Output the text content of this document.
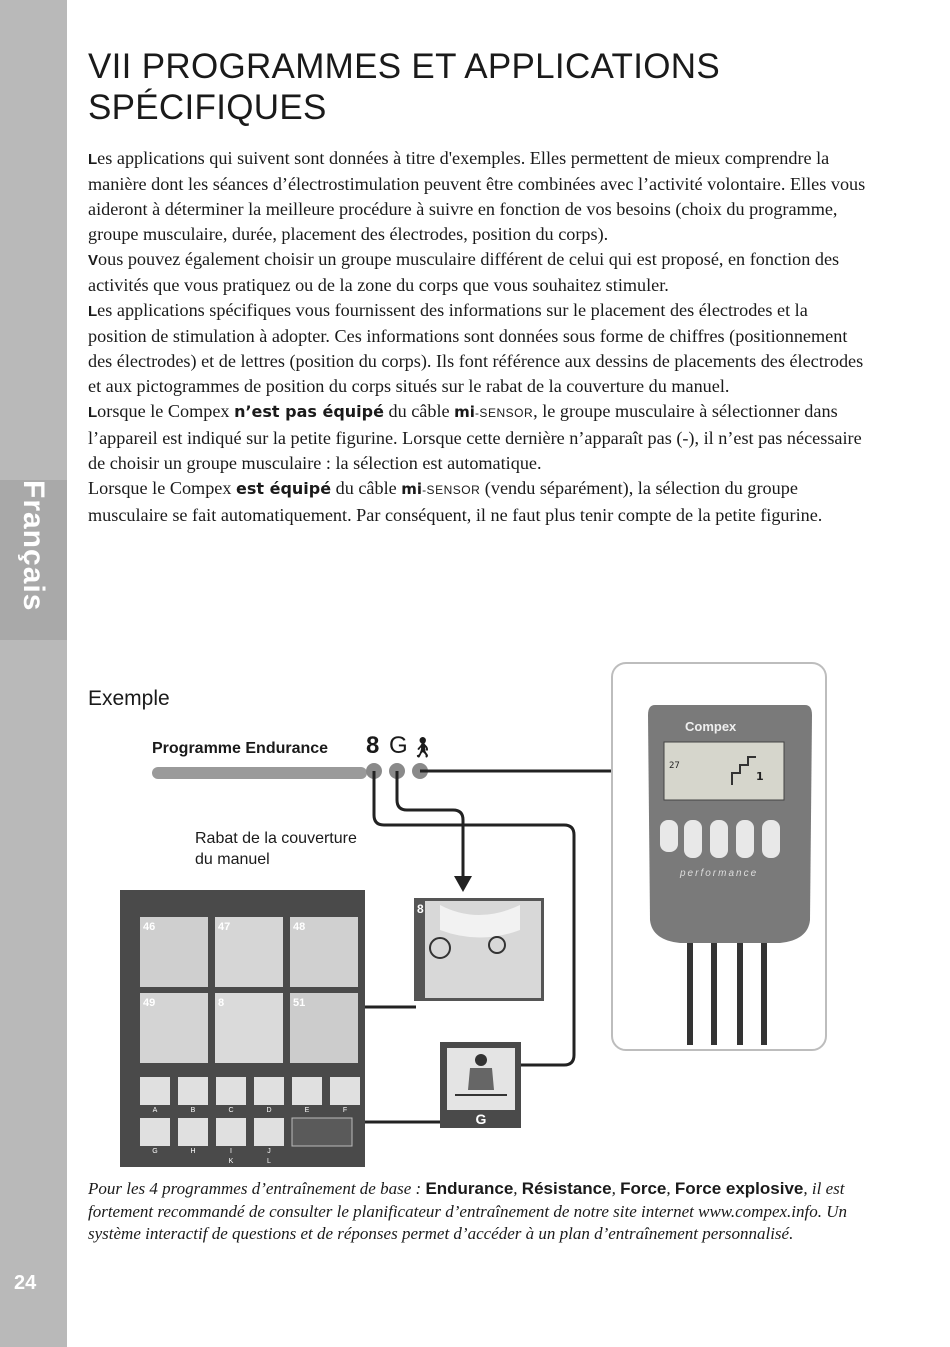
Français
24
VII PROGRAMMES ET APPLICATIONS
SPÉCIFIQUES

Les applications qui suivent sont données à titre d'exemples. Elles permettent de mieux comprendre la manière dont les séances d’électrostimulation peuvent être combinées avec l’activité volontaire. Elles vous aideront à déterminer la meilleure procédure à suivre en fonction de vos besoins (choix du programme, groupe musculaire, durée, placement des électrodes, position du corps).

Vous pouvez également choisir un groupe musculaire différent de celui qui est proposé, en fonction des activités que vous pratiquez ou de la zone du corps que vous souhaitez stimuler.

Les applications spécifiques vous fournissent des informations sur le placement des électrodes et la position de stimulation à adopter. Ces informations sont données sous forme de chiffres (positionnement des électrodes) et de lettres (position du corps). Ils font référence aux dessins de placements des électrodes et aux pictogrammes de position du corps situés sur le rabat de la couverture du manuel.

Lorsque le Compex n’est pas équipé du câble mi-SENSOR, le groupe musculaire à sélectionner dans l’appareil est indiqué sur la petite figurine. Lorsque cette dernière n’apparaît pas (-), il n’est pas nécessaire de choisir un groupe musculaire : la sélection est automatique.

Lorsque le Compex est équipé du câble mi-SENSOR (vendu séparément), la sélection du groupe musculaire se fait automatiquement. Par conséquent, il ne faut plus tenir compte de la petite figurine.

Exemple
Programme Endurance 8 G 🚶︎
Rabat de la couverture
du manuel
46	47	48
49	8	51
A	B	C	D	E	F
G	H	I	J
K	L
8
G
Compex
27
1
performance
Pour les 4 programmes d’entraînement de base : Endurance, Résistance, Force, Force explosive, il est fortement recommandé de consulter le planificateur d’entraînement de notre site internet www.compex.info. Un système interactif de questions et de réponses permet d’accéder à un plan d’entraînement personnalisé.
